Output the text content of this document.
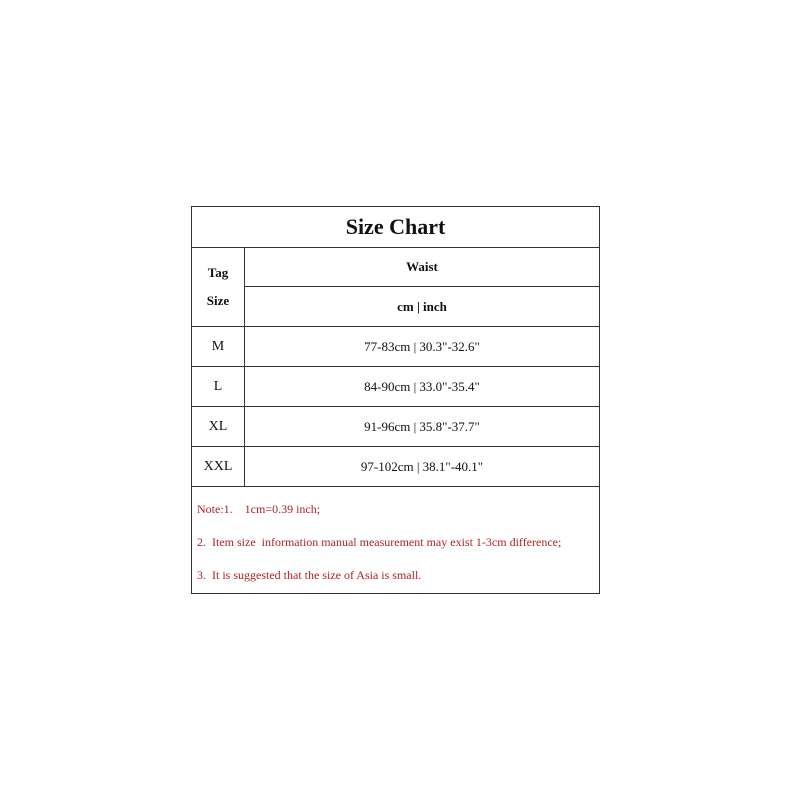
Size Chart
Tag
Size
Waist
cm | inch
M	77-83cm | 30.3"-32.6"
L	84-90cm | 33.0"-35.4"
XL	91-96cm | 35.8"-37.7"
XXL	97-102cm | 38.1"-40.1"
Note:1.    1cm=0.39 inch;
2.  Item size  information manual measurement may exist 1-3cm difference;
3.  It is suggested that the size of Asia is small.
